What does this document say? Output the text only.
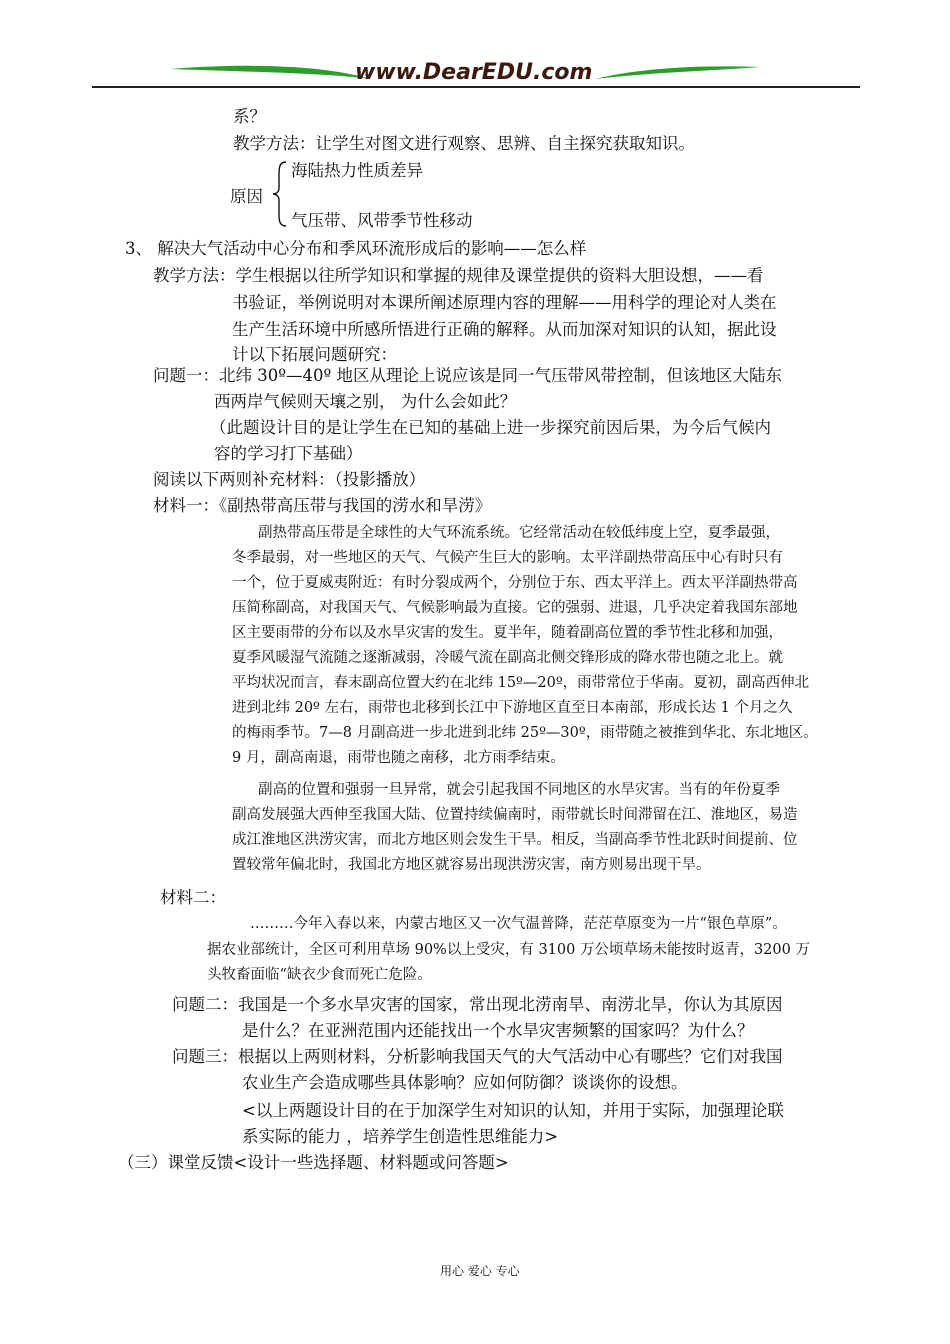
www.DearEDU.com
系？
教学方法：让学生对图文进行观察、思辨、自主探究获取知识。
原因
海陆热力性质差异
气压带、风带季节性移动
3、 解决大气活动中心分布和季风环流形成后的影响——怎么样
教学方法：学生根据以往所学知识和掌握的规律及课堂提供的资料大胆设想，——看
书验证，举例说明对本课所阐述原理内容的理解——用科学的理论对人类在
生产生活环境中所感所悟进行正确的解释。从而加深对知识的认知，据此设
计以下拓展问题研究：
问题一：北纬 30º—40º 地区从理论上说应该是同一气压带风带控制，但该地区大陆东
西两岸气候则天壤之别， 为什么会如此？
（此题设计目的是让学生在已知的基础上进一步探究前因后果，为今后气候内
容的学习打下基础）
阅读以下两则补充材料：（投影播放）
材料一：《副热带高压带与我国的涝水和旱涝》
副热带高压带是全球性的大气环流系统。它经常活动在较低纬度上空，夏季最强，
冬季最弱，对一些地区的天气、气候产生巨大的影响。太平洋副热带高压中心有时只有
一个，位于夏威夷附近：有时分裂成两个，分别位于东、西太平洋上。西太平洋副热带高
压简称副高，对我国天气、气候影响最为直接。它的强弱、进退，几乎决定着我国东部地
区主要雨带的分布以及水旱灾害的发生。夏半年，随着副高位置的季节性北移和加强，
夏季风暖湿气流随之逐渐减弱，冷暖气流在副高北侧交锋形成的降水带也随之北上。就
平均状况而言，春末副高位置大约在北纬 15º—20º，雨带常位于华南。夏初，副高西伸北
进到北纬 20º 左右，雨带也北移到长江中下游地区直至日本南部，形成长达 1 个月之久
的梅雨季节。7—8 月副高进一步北进到北纬 25º—30º，雨带随之被推到华北、东北地区。
9 月，副高南退，雨带也随之南移，北方雨季结束。
副高的位置和强弱一旦异常，就会引起我国不同地区的水旱灾害。当有的年份夏季
副高发展强大西伸至我国大陆、位置持续偏南时，雨带就长时间滞留在江、淮地区，易造
成江淮地区洪涝灾害，而北方地区则会发生干旱。相反，当副高季节性北跃时间提前、位
置较常年偏北时，我国北方地区就容易出现洪涝灾害，南方则易出现干旱。
材料二：
………今年入春以来，内蒙古地区又一次气温普降，茫茫草原变为一片“银色草原”。
据农业部统计，全区可利用草场 90%以上受灾，有 3100 万公顷草场未能按时返青，3200 万
头牧畜面临“缺衣少食而死亡危险。
问题二：我国是一个多水旱灾害的国家，常出现北涝南旱、南涝北旱，你认为其原因
是什么？在亚洲范围内还能找出一个水旱灾害频繁的国家吗？为什么？
问题三：根据以上两则材料，分析影响我国天气的大气活动中心有哪些？它们对我国
农业生产会造成哪些具体影响？应如何防御？谈谈你的设想。
<以上两题设计目的在于加深学生对知识的认知，并用于实际，加强理论联
系实际的能力 ，培养学生创造性思维能力>
（三）课堂反馈<设计一些选择题、材料题或问答题>
用心 爱心 专心
